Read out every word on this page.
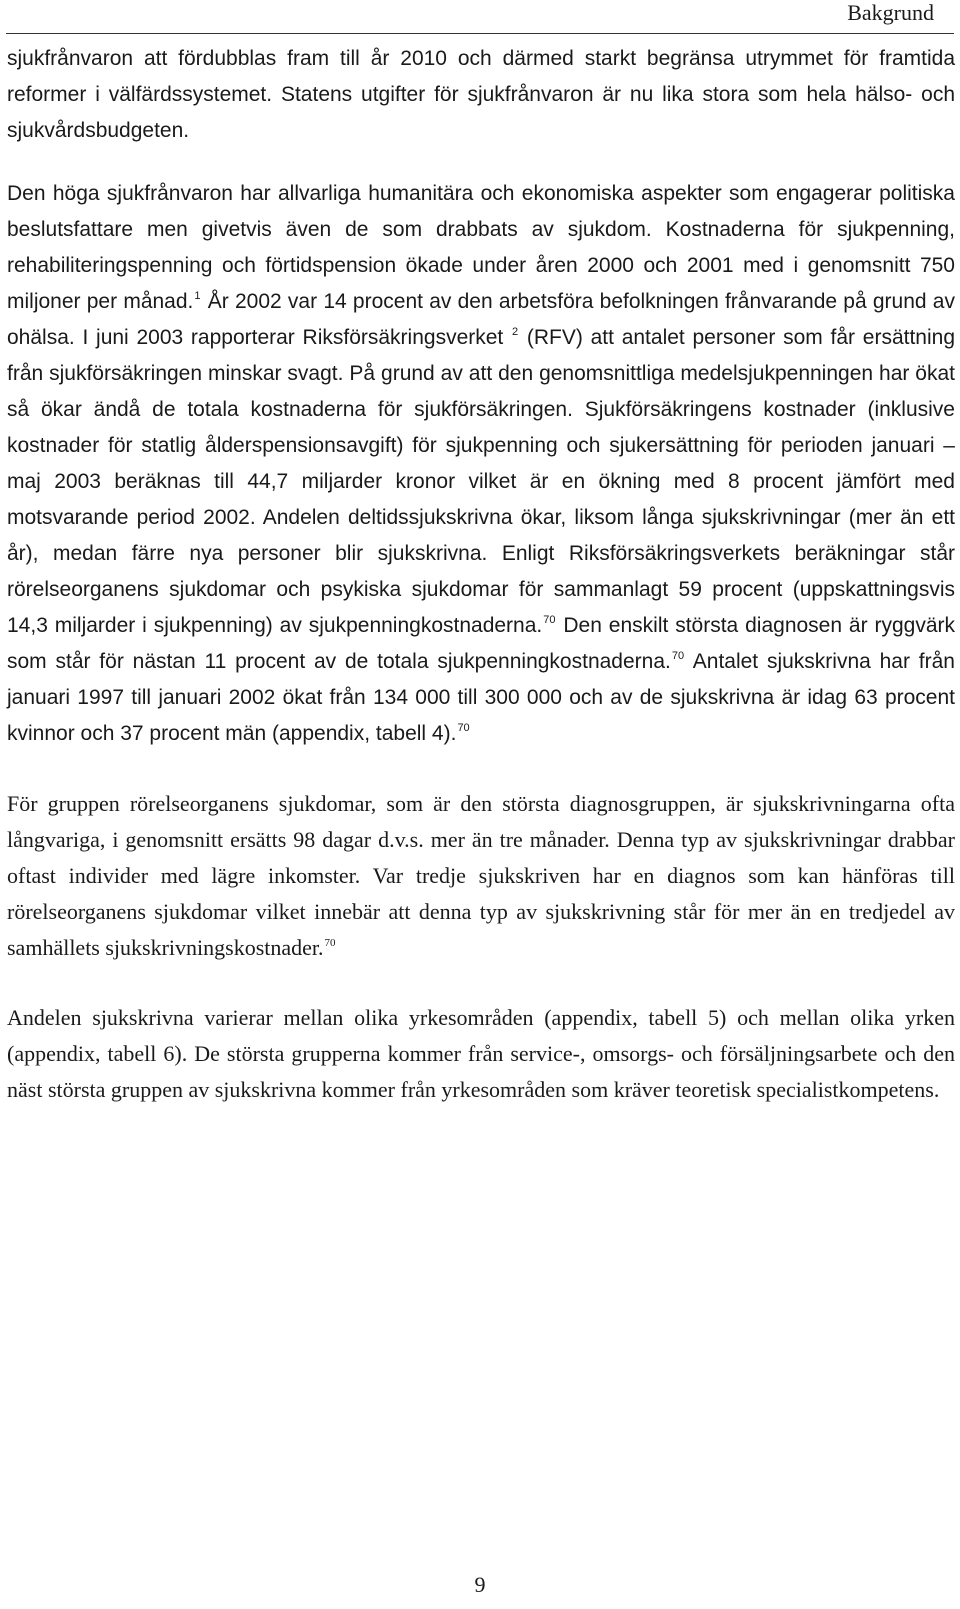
Bakgrund

sjukfrånvaron att fördubblas fram till år 2010 och därmed starkt begränsa utrymmet för framtida reformer i välfärdssystemet. Statens utgifter för sjukfrånvaron är nu lika stora som hela hälso- och sjukvårdsbudgeten.

Den höga sjukfrånvaron har allvarliga humanitära och ekonomiska aspekter som engagerar politiska beslutsfattare men givetvis även de som drabbats av sjukdom. Kostnaderna för sjukpenning, rehabiliteringspenning och förtidspension ökade under åren 2000 och 2001 med i genomsnitt 750 miljoner per månad.$^1$ År 2002 var 14 procent av den arbetsföra befolkningen frånvarande på grund av ohälsa. I juni 2003 rapporterar Riksförsäkringsverket $^2$ (RFV) att antalet personer som får ersättning från sjukförsäkringen minskar svagt. På grund av att den genomsnittliga medelsjukpenningen har ökat så ökar ändå de totala kostnaderna för sjukförsäkringen. Sjukförsäkringens kostnader (inklusive kostnader för statlig ålderspensionsavgift) för sjukpenning och sjukersättning för perioden januari – maj 2003 beräknas till 44,7 miljarder kronor vilket är en ökning med 8 procent jämfört med motsvarande period 2002. Andelen deltidssjukskrivna ökar, liksom långa sjukskrivningar (mer än ett år), medan färre nya personer blir sjukskrivna. Enligt Riksförsäkringsverkets beräkningar står rörelseorganens sjukdomar och psykiska sjukdomar för sammanlagt 59 procent (uppskattningsvis 14,3 miljarder i sjukpenning) av sjukpenningkostnaderna.$^{70}$ Den enskilt största diagnosen är ryggvärk som står för nästan 11 procent av de totala sjukpenningkostnaderna.$^{70}$ Antalet sjukskrivna har från januari 1997 till januari 2002 ökat från 134 000 till 300 000 och av de sjukskrivna är idag 63 procent kvinnor och 37 procent män (appendix, tabell 4).$^{70}$

För gruppen rörelseorganens sjukdomar, som är den största diagnosgruppen, är sjukskrivningarna ofta långvariga, i genomsnitt ersätts 98 dagar d.v.s. mer än tre månader. Denna typ av sjukskrivningar drabbar oftast individer med lägre inkomster. Var tredje sjukskriven har en diagnos som kan hänföras till rörelseorganens sjukdomar vilket innebär att denna typ av sjukskrivning står för mer än en tredjedel av samhällets sjukskrivningskostnader.$^{70}$

Andelen sjukskrivna varierar mellan olika yrkesområden (appendix, tabell 5) och mellan olika yrken (appendix, tabell 6). De största grupperna kommer från service-, omsorgs- och försäljningsarbete och den näst största gruppen av sjukskrivna kommer från yrkesområden som kräver teoretisk specialistkompetens.

9
